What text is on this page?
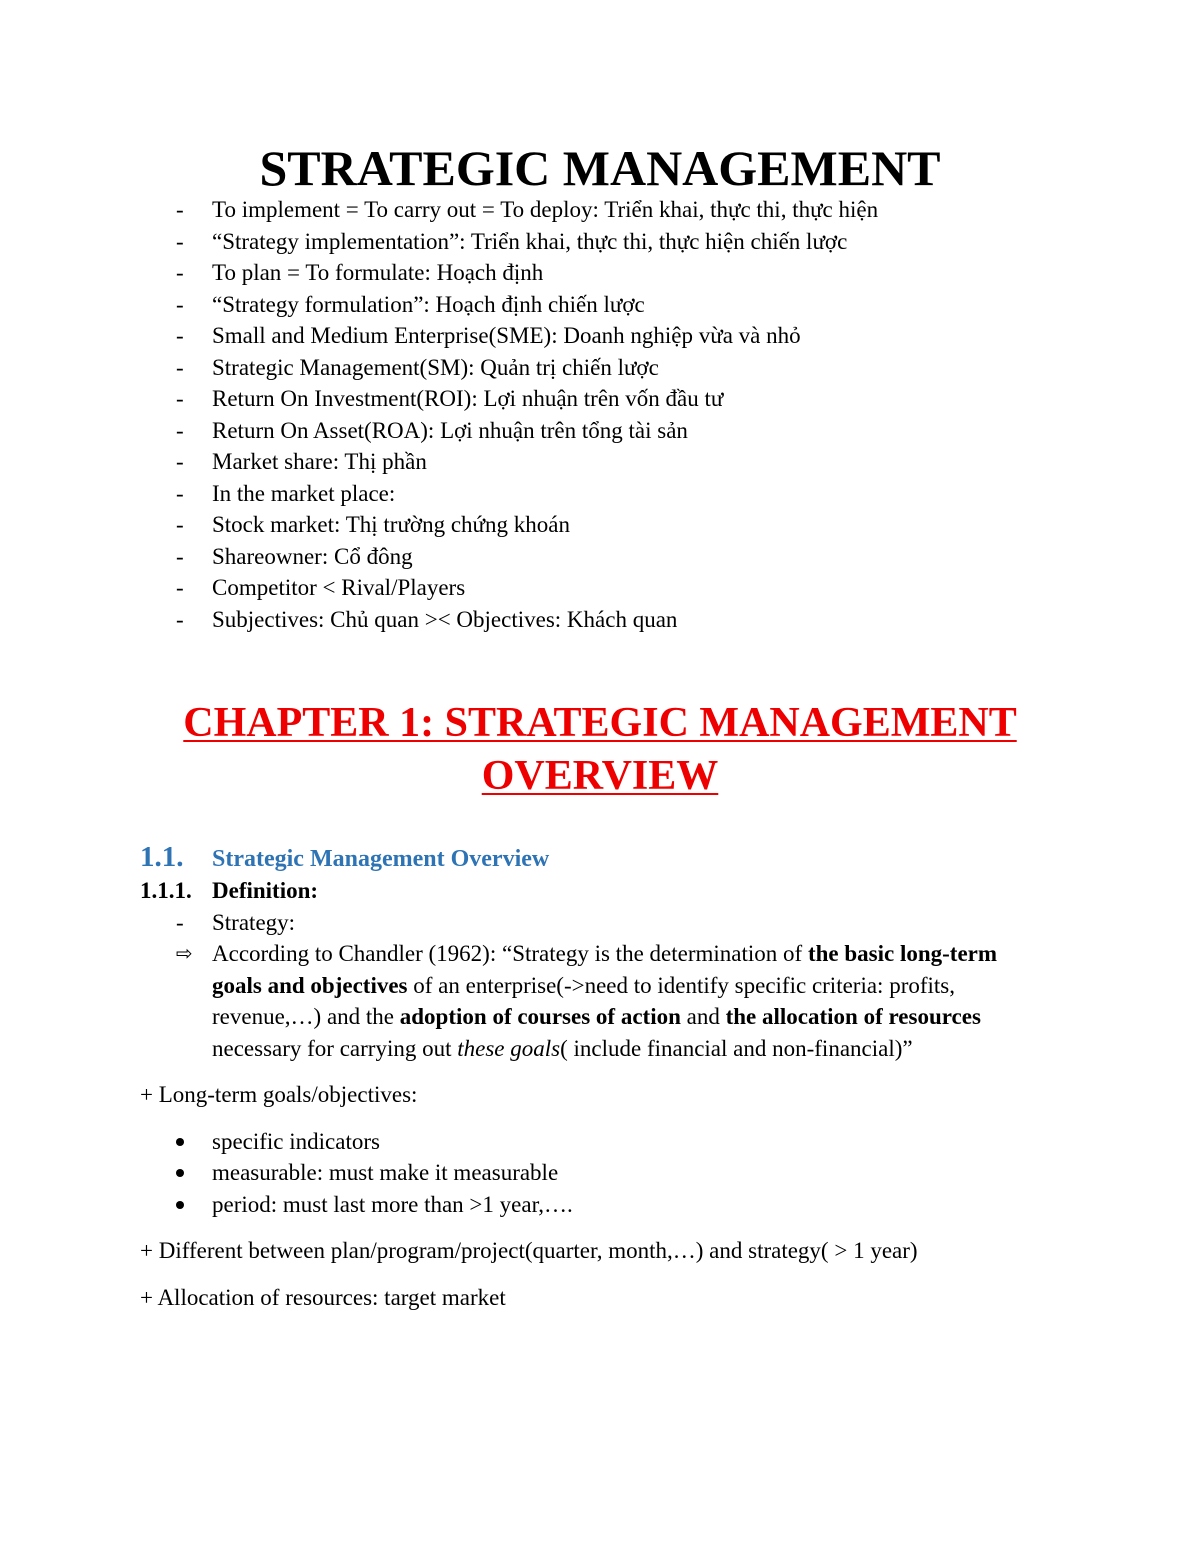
STRATEGIC MANAGEMENT
- To implement = To carry out = To deploy: Triển khai, thực thi, thực hiện
- “Strategy implementation”: Triển khai, thực thi, thực hiện chiến lược
- To plan = To formulate: Hoạch định
- “Strategy formulation”: Hoạch định chiến lược
- Small and Medium Enterprise(SME): Doanh nghiệp vừa và nhỏ
- Strategic Management(SM): Quản trị chiến lược
- Return On Investment(ROI): Lợi nhuận trên vốn đầu tư
- Return On Asset(ROA): Lợi nhuận trên tổng tài sản
- Market share: Thị phần
- In the market place:
- Stock market: Thị trường chứng khoán
- Shareowner: Cổ đông
- Competitor < Rival/Players
- Subjectives: Chủ quan >< Objectives: Khách quan
CHAPTER 1: STRATEGIC MANAGEMENT
OVERVIEW
1.1. Strategic Management Overview
1.1.1. Definition:
- Strategy:

⇨ According to Chandler (1962): “Strategy is the determination of the basic long-term goals and objectives of an enterprise(->need to identify specific criteria: profits, revenue,…) and the adoption of courses of action and the allocation of resources necessary for carrying out these goals( include financial and non-financial)”

+ Long-term goals/objectives:

specific indicators
measurable: must make it measurable
period: must last more than >1 year,….

+ Different between plan/program/project(quarter, month,…) and strategy( > 1 year)

+ Allocation of resources: target market
